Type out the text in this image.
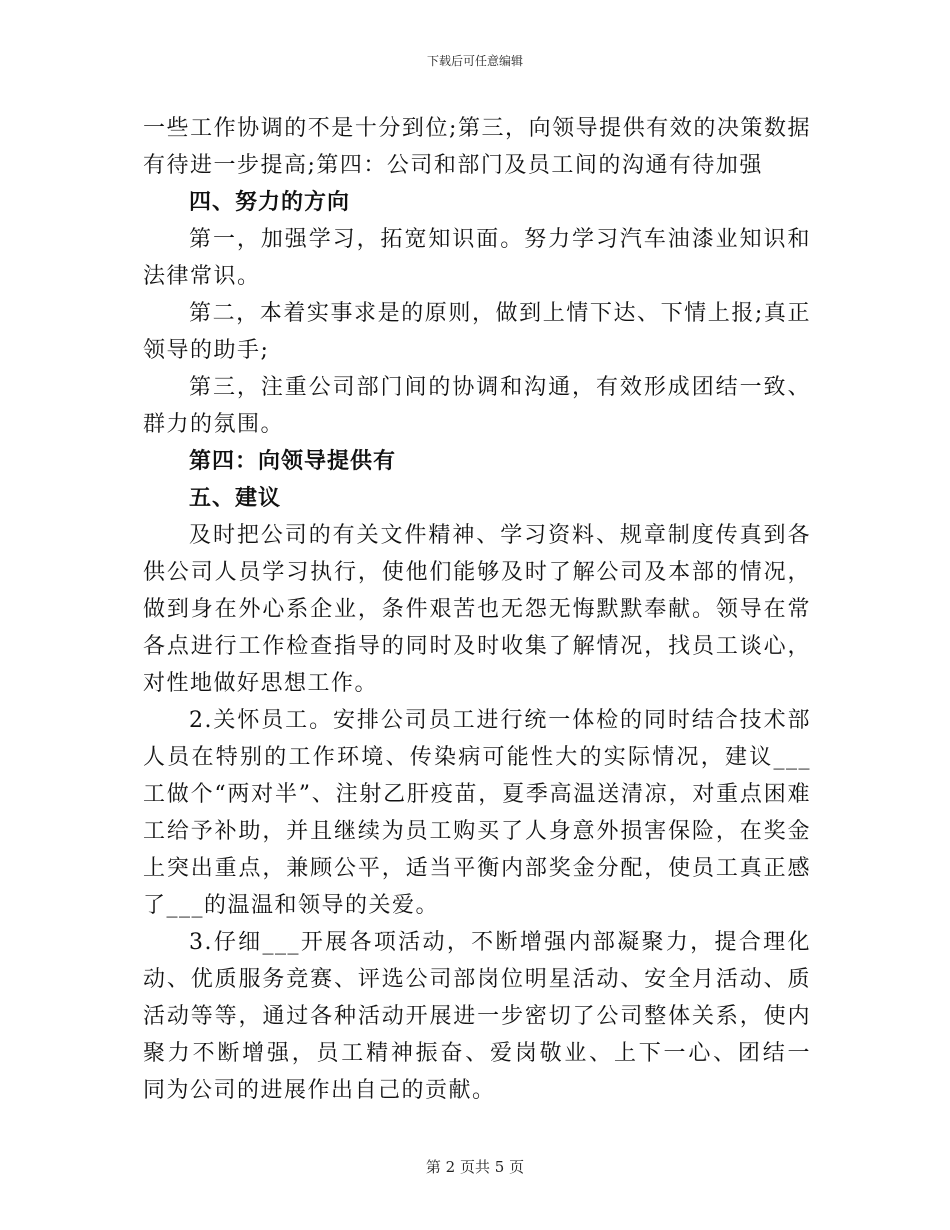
下载后可任意编辑
一些工作协调的不是十分到位;第三，向领导提供有效的决策数据
有待进一步提高;第四：公司和部门及员工间的沟通有待加强
四、努力的方向
第一，加强学习，拓宽知识面。努力学习汽车油漆业知识和
法律常识。
第二，本着实事求是的原则，做到上情下达、下情上报;真正
领导的助手;
第三，注重公司部门间的协调和沟通，有效形成团结一致、
群力的氛围。
第四：向领导提供有
五、建议
及时把公司的有关文件精神、学习资料、规章制度传真到各
供公司人员学习执行，使他们能够及时了解公司及本部的情况，
做到身在外心系企业，条件艰苦也无怨无悔默默奉献。领导在常
各点进行工作检查指导的同时及时收集了解情况，找员工谈心，
对性地做好思想工作。
2.关怀员工。安排公司员工进行统一体检的同时结合技术部
人员在特别的工作环境、传染病可能性大的实际情况，建议___
工做个“两对半”、注射乙肝疫苗，夏季高温送清凉，对重点困难
工给予补助，并且继续为员工购买了人身意外损害保险，在奖金
上突出重点，兼顾公平，适当平衡内部奖金分配，使员工真正感
了___的温温和领导的关爱。
3.仔细___开展各项活动，不断增强内部凝聚力，提合理化
动、优质服务竞赛、评选公司部岗位明星活动、安全月活动、质
活动等等，通过各种活动开展进一步密切了公司整体关系，使内
聚力不断增强，员工精神振奋、爱岗敬业、上下一心、团结一
同为公司的进展作出自己的贡献。
第 2 页共 5 页
